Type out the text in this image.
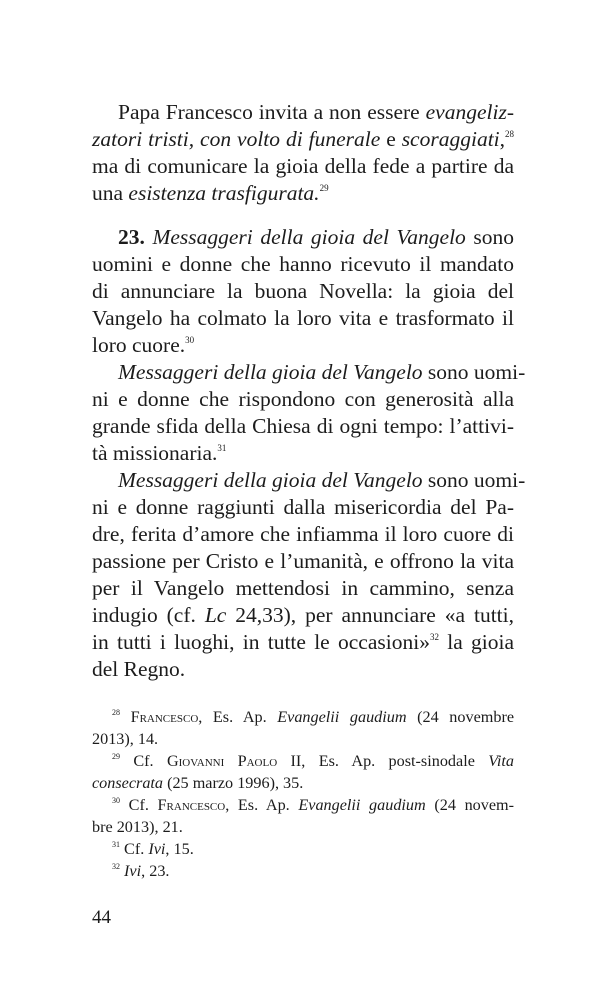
Papa Francesco invita a non essere evangeliz-
zatori tristi, con volto di funerale e scoraggiati,$^{28}$
ma di comunicare la gioia della fede a partire da
una esistenza trasfigurata.$^{29}$
23. Messaggeri della gioia del Vangelo sono
uomini e donne che hanno ricevuto il mandato
di annunciare la buona Novella: la gioia del
Vangelo ha colmato la loro vita e trasformato il
loro cuore.$^{30}$
Messaggeri della gioia del Vangelo sono uomi-
ni e donne che rispondono con generosità alla
grande sfida della Chiesa di ogni tempo: l’attivi-
tà missionaria.$^{31}$
Messaggeri della gioia del Vangelo sono uomi-
ni e donne raggiunti dalla misericordia del Pa-
dre, ferita d’amore che infiamma il loro cuore di
passione per Cristo e l’umanità, e offrono la vita
per il Vangelo mettendosi in cammino, senza
indugio (cf. Lc 24,33), per annunciare «a tutti,
in tutti i luoghi, in tutte le occasioni»$^{32}$ la gioia
del Regno.
$^{28}$ Francesco, Es. Ap. Evangelii gaudium (24 novembre
2013), 14.
$^{29}$ Cf. Giovanni Paolo II, Es. Ap. post-sinodale Vita
consecrata (25 marzo 1996), 35.
$^{30}$ Cf. Francesco, Es. Ap. Evangelii gaudium (24 novem-
bre 2013), 21.
$^{31}$ Cf. Ivi, 15.
$^{32}$ Ivi, 23.
44
